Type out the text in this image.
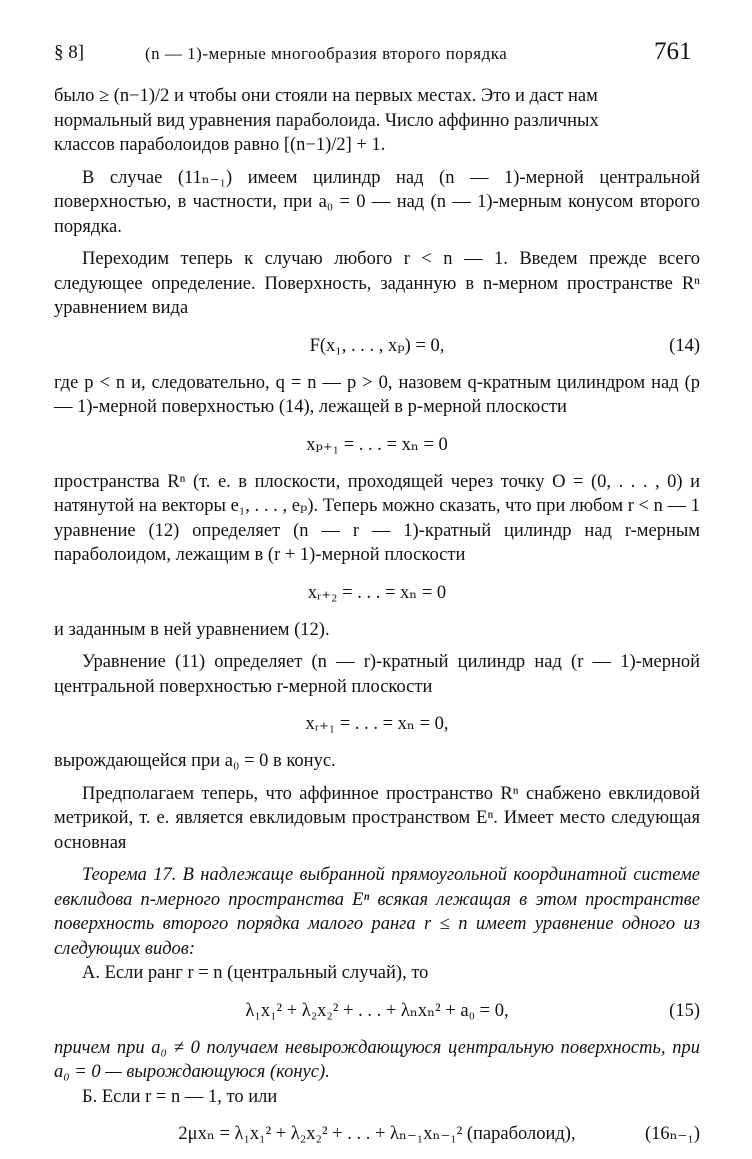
§ 8]	(n — 1)-мерные многообразия второго порядка	761

было ≥ (n−1)/2 и чтобы они стояли на первых местах. Это и даст нам

нормальный вид уравнения параболоида. Число аффинно различных

классов параболоидов равно [(n−1)/2] + 1.

В случае (11ₙ₋₁) имеем цилиндр над (n — 1)-мерной центральной поверхностью, в частности, при a₀ = 0 — над (n — 1)-мерным конусом второго порядка.

Переходим теперь к случаю любого r < n — 1. Введем прежде всего следующее определение. Поверхность, заданную в n-мерном пространстве Rⁿ уравнением вида

F(x₁, . . . , xₚ) = 0,	(14)

где p < n и, следовательно, q = n — p > 0, назовем q-кратным цилиндром над (p — 1)-мерной поверхностью (14), лежащей в p-мерной плоскости

xₚ₊₁ = . . . = xₙ = 0

пространства Rⁿ (т. е. в плоскости, проходящей через точку O = (0, . . . , 0) и натянутой на векторы e₁, . . . , eₚ). Теперь можно сказать, что при любом r < n — 1 уравнение (12) определяет (n — r — 1)-кратный цилиндр над r-мерным параболоидом, лежащим в (r + 1)-мерной плоскости

xᵣ₊₂ = . . . = xₙ = 0

и заданным в ней уравнением (12).

Уравнение (11) определяет (n — r)-кратный цилиндр над (r — 1)-мерной центральной поверхностью r-мерной плоскости

xᵣ₊₁ = . . . = xₙ = 0,

вырождающейся при a₀ = 0 в конус.

Предполагаем теперь, что аффинное пространство Rⁿ снабжено евклидовой метрикой, т. е. является евклидовым пространством Eⁿ. Имеет место следующая основная

Теорема 17. В надлежаще выбранной прямоугольной координатной системе евклидова n-мерного пространства Eⁿ всякая лежащая в этом пространстве поверхность второго порядка малого ранга r ≤ n имеет уравнение одного из следующих видов:

А. Если ранг r = n (центральный случай), то

λ₁x₁² + λ₂x₂² + . . . + λₙxₙ² + a₀ = 0,	(15)

причем при a₀ ≠ 0 получаем невырождающуюся центральную поверхность, при a₀ = 0 — вырождающуюся (конус).

Б. Если r = n — 1, то или

2μxₙ = λ₁x₁² + λ₂x₂² + . . . + λₙ₋₁xₙ₋₁² (параболоид),	(16ₙ₋₁)
